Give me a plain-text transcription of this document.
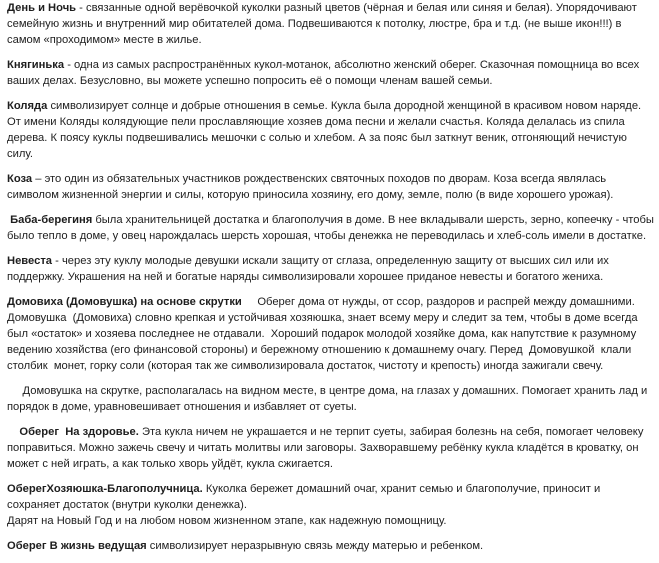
День и Ночь - связанные одной верёвочкой куколки разный цветов (чёрная и белая или синяя и белая). Упорядочивают семейную жизнь и внутренний мир обитателей дома. Подвешиваются к потолку, люстре, бра и т.д. (не выше икон!!!) в самом «проходимом» месте в жилье.

Княгинька - одна из самых распространённых кукол-мотанок, абсолютно женский оберег. Сказочная помощница во всех ваших делах. Безусловно, вы можете успешно попросить её о помощи членам вашей семьи.

Коляда символизирует солнце и добрые отношения в семье. Кукла была дородной женщиной в красивом новом наряде. От имени Коляды колядующие пели прославляющие хозяев дома песни и желали счастья. Коляда делалась из спила дерева. К поясу куклы подвешивались мешочки с солью и хлебом. А за пояс был заткнут веник, отгоняющий нечистую силу.

Коза – это один из обязательных участников рождественских святочных походов по дворам. Коза всегда являлась символом жизненной энергии и силы, которую приносила хозяину, его дому, земле, полю (в виде хорошего урожая).

Баба-берегиня была хранительницей достатка и благополучия в доме. В нее вкладывали шерсть, зерно, копеечку - чтобы было тепло в доме, у овец нарождалась шерсть хорошая, чтобы денежка не переводилась и хлеб-соль имели в достатке.

Невеста - через эту куклу молодые девушки искали защиту от сглаза, определенную защиту от высших сил или их поддержку. Украшения на ней и богатые наряды символизировали хорошее приданое невесты и богатого жениха.

Домовиха (Домовушка) на основе скрутки     Оберег дома от нужды, от ссор, раздоров и распрей между домашними. Домовушка  (Домовиха) словно крепкая и устойчивая хозяюшка, знает всему меру и следит за тем, чтобы в доме всегда был «остаток» и хозяева последнее не отдавали.  Хороший подарок молодой хозяйке дома, как напутствие к разумному ведению хозяйства (его финансовой стороны) и бережному отношению к домашнему очагу. Перед  Домовушкой  клали  столбик  монет, горку соли (которая так же символизировала достаток, чистоту и крепость) иногда зажигали свечу.

Домовушка на скрутке, располагалась на видном месте, в центре дома, на глазах у домашних. Помогает хранить лад и порядок в доме, уравновешивает отношения и избавляет от суеты.

Оберег  На здоровье. Эта кукла ничем не украшается и не терпит суеты, забирая болезнь на себя, помогает человеку поправиться. Можно зажечь свечу и читать молитвы или заговоры. Захворавшему ребёнку кукла кладётся в кроватку, он может с ней играть, а как только хворь уйдёт, кукла сжигается.

ОберегХозяюшка-Благополучница. Куколка бережет домашний очаг, хранит семью и благополучие, приносит и сохраняет достаток (внутри куколки денежка).

Дарят на Новый Год и на любом новом жизненном этапе, как надежную помощницу.

Оберег В жизнь ведущая символизирует неразрывную связь между матерью и ребенком.
